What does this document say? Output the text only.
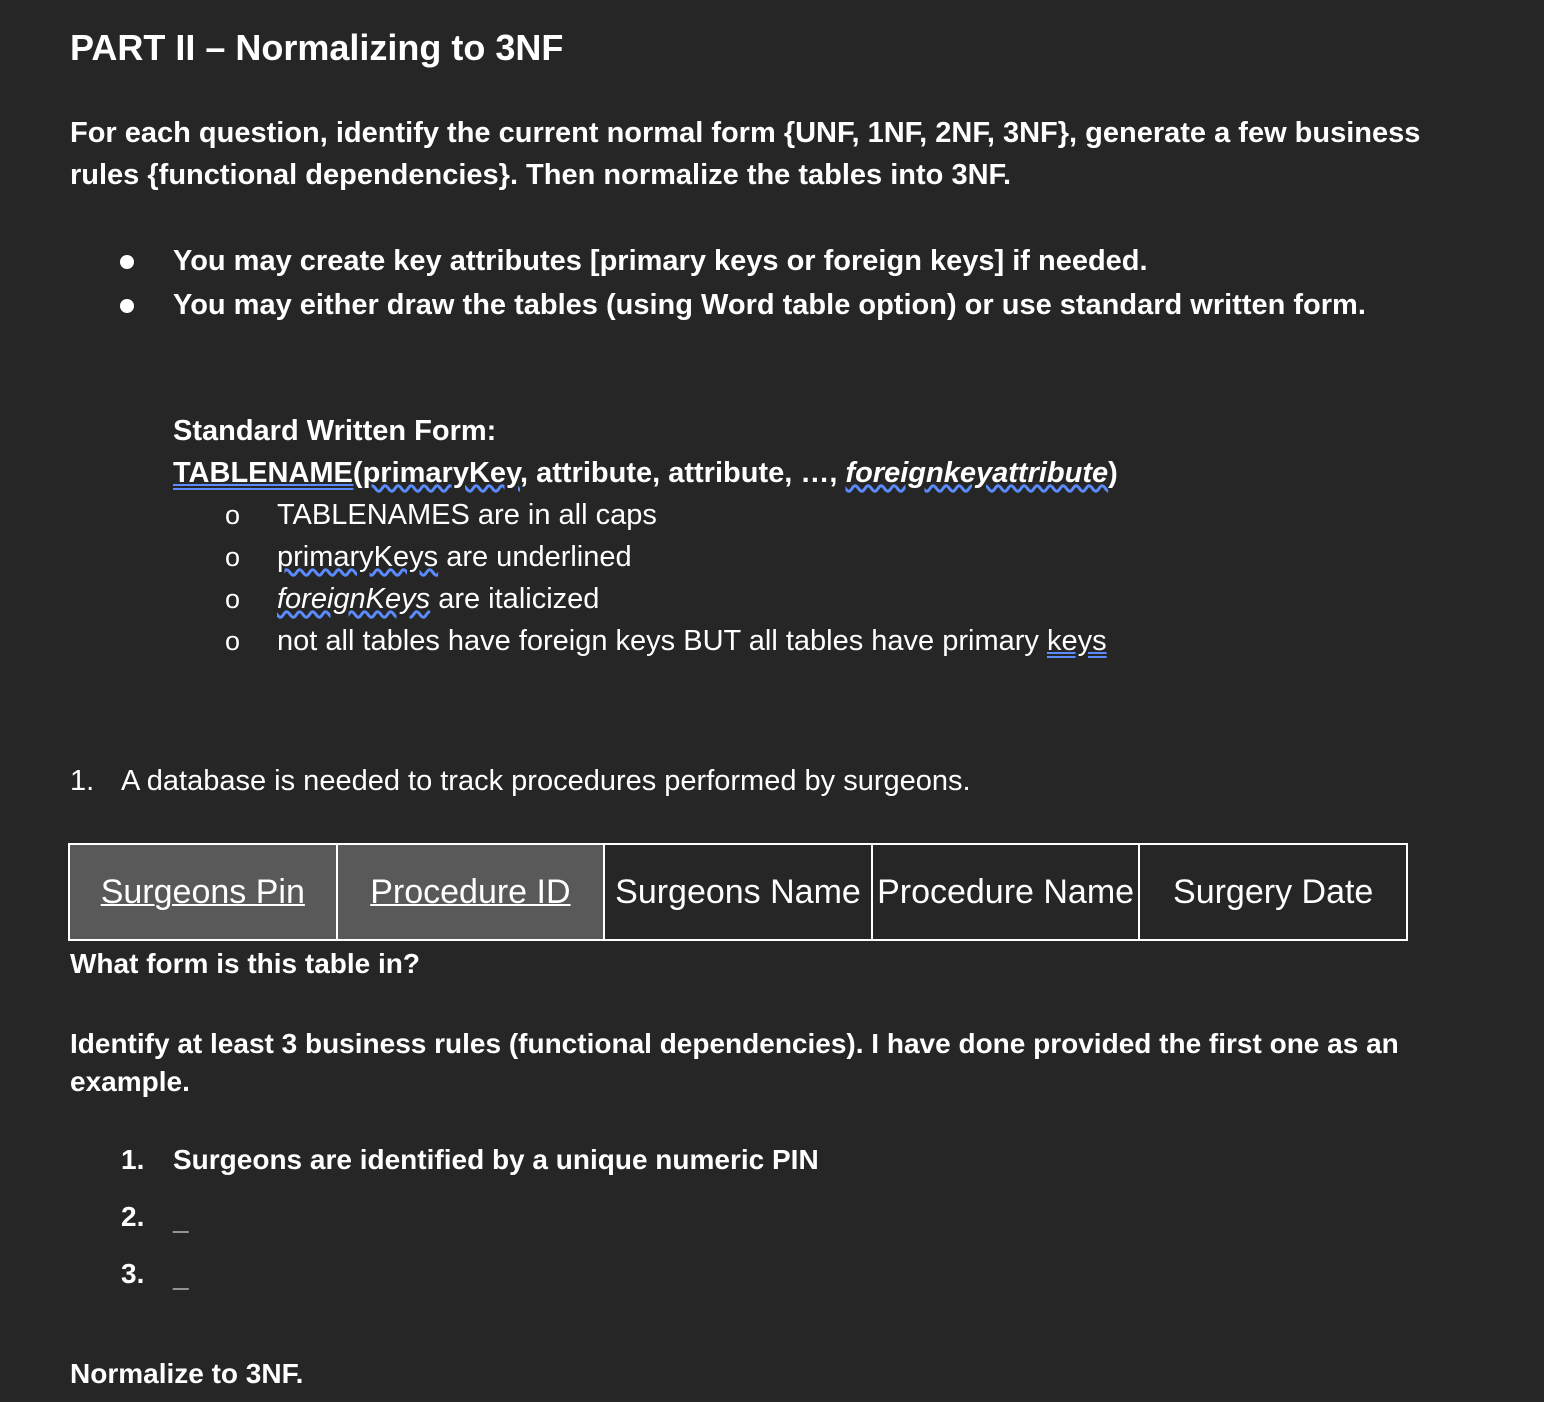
PART II – Normalizing to 3NF

For each question, identify the current normal form {UNF, 1NF, 2NF, 3NF}, generate a few business rules {functional dependencies}. Then normalize the tables into 3NF.

You may create key attributes [primary keys or foreign keys] if needed.

You may either draw the tables (using Word table option) or use standard written form.

Standard Written Form:

TABLENAME(primaryKey, attribute, attribute, …, foreignkeyattribute)

o TABLENAMES are in all caps
o primaryKeys are underlined
o foreignKeys are italicized
o not all tables have foreign keys BUT all tables have primary keys

1. A database is needed to track procedures performed by surgeons.

Surgeons Pin	Procedure ID	Surgeons Name	Procedure Name	Surgery Date

What form is this table in?

Identify at least 3 business rules (functional dependencies). I have done provided the first one as an example.

1. Surgeons are identified by a unique numeric PIN
2. _
3. _

Normalize to 3NF.
